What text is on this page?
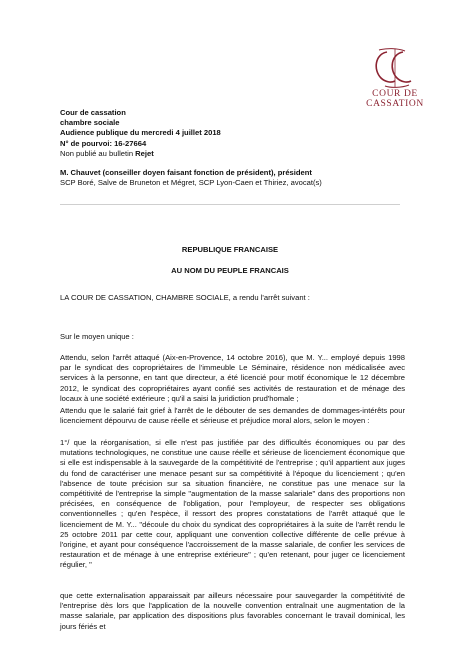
COUR DE CASSATION
Cour de cassation
chambre sociale
Audience publique du mercredi 4 juillet 2018
N° de pourvoi: 16-27664
Non publié au bulletin Rejet
M. Chauvet (conseiller doyen faisant fonction de président), président
SCP Boré, Salve de Bruneton et Mégret, SCP Lyon-Caen et Thiriez, avocat(s)
REPUBLIQUE FRANCAISE
AU NOM DU PEUPLE FRANCAIS
LA COUR DE CASSATION, CHAMBRE SOCIALE, a rendu l'arrêt suivant :
Sur le moyen unique :
Attendu, selon l'arrêt attaqué (Aix-en-Provence, 14 octobre 2016), que M. Y... employé depuis 1998 par le syndicat des copropriétaires de l'immeuble Le Séminaire, résidence non médicalisée avec services à la personne, en tant que directeur, a été licencié pour motif économique le 12 décembre 2012, le syndicat des copropriétaires ayant confié ses activités de restauration et de ménage des locaux à une société extérieure ; qu'il a saisi la juridiction prud'homale ;
Attendu que le salarié fait grief à l'arrêt de le débouter de ses demandes de dommages-intérêts pour licenciement dépourvu de cause réelle et sérieuse et préjudice moral alors, selon le moyen :
1°/ que la réorganisation, si elle n'est pas justifiée par des difficultés économiques ou par des mutations technologiques, ne constitue une cause réelle et sérieuse de licenciement économique que si elle est indispensable à la sauvegarde de la compétitivité de l'entreprise ; qu'il appartient aux juges du fond de caractériser une menace pesant sur sa compétitivité à l'époque du licenciement ; qu'en l'absence de toute précision sur sa situation financière, ne constitue pas une menace sur la compétitivité de l'entreprise la simple "augmentation de la masse salariale" dans des proportions non précisées, en conséquence de l'obligation, pour l'employeur, de respecter ses obligations conventionnelles ; qu'en l'espèce, il ressort des propres constatations de l'arrêt attaqué que le licenciement de M. Y... "découle du choix du syndicat des copropriétaires à la suite de l'arrêt rendu le 25 octobre 2011 par cette cour, appliquant une convention collective différente de celle prévue à l'origine, et ayant pour conséquence l'accroissement de la masse salariale, de confier les services de restauration et de ménage à une entreprise extérieure" ; qu'en retenant, pour juger ce licenciement régulier, "
que cette externalisation apparaissait par ailleurs nécessaire pour sauvegarder la compétitivité de l'entreprise dès lors que l'application de la nouvelle convention entraînait une augmentation de la masse salariale, par application des dispositions plus favorables concernant le travail dominical, les jours fériés et
